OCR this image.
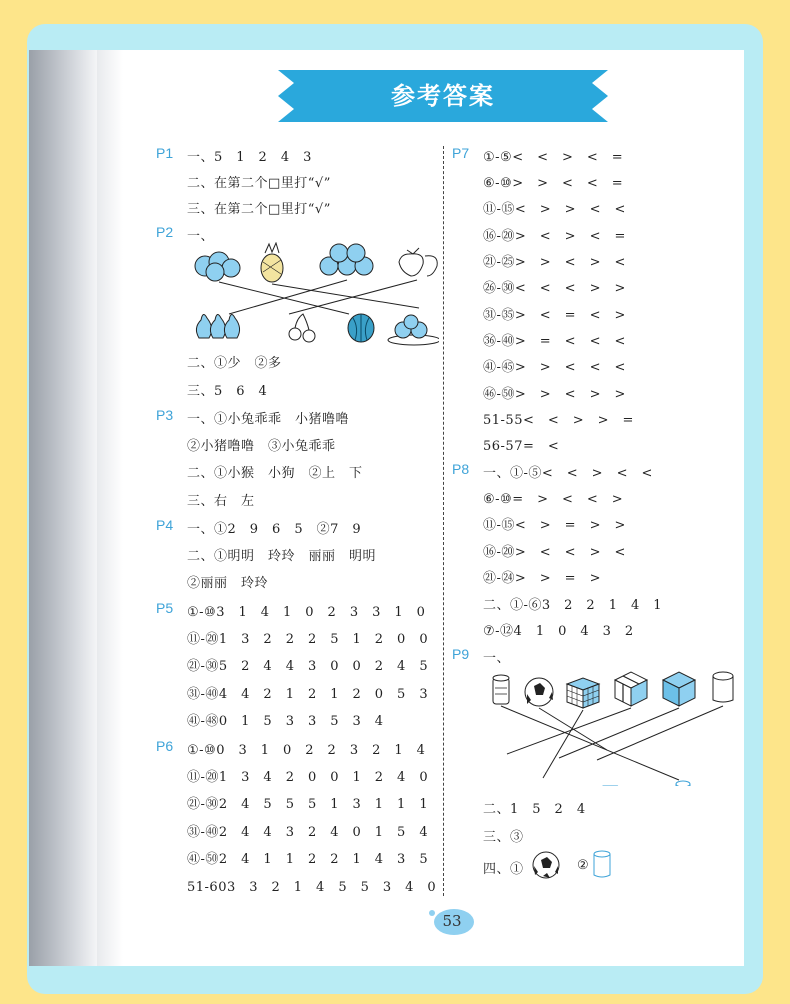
参考答案
P1 一、5　1　2　4　3
二、在第二个□里打“√”
三、在第二个□里打“√”
P2 一、
二、①少　②多
三、5　6　4
P3 一、①小兔乖乖　小猪噜噜
②小猪噜噜　③小兔乖乖
二、①小猴　小狗　②上　下
三、右　左
P4 一、①2　9　6　5　②7　9
二、①明明　玲玲　丽丽　明明
②丽丽　玲玲
P5 ①-⑩3　1　4　1　0　2　3　3　1　0
⑪-⑳1　3　2　2　2　5　1　2　0　0
㉑-㉚5　2　4　4　3　0　0　2　4　5
㉛-㊵4　4　2　1　2　1　2　0　5　3
㊶-㊽0　1　5　3　3　5　3　4
P6 ①-⑩0　3　1　0　2　2　3　2　1　4
⑪-⑳1　3　4　2　0　0　1　2　4　0
㉑-㉚2　4　5　5　5　1　3　1　1　1
㉛-㊵2　4　4　3　2　4　0　1　5　4
㊶-㊿2　4　1　1　2　2　1　4　3　5
51-603　3　2　1　4　5　5　3　4　0
P7 ①-⑤<　<　>　<　=
⑥-⑩>　>　<　<　=
⑪-⑮<　>　>　<　<
⑯-⑳>　<　>　<　=
㉑-㉕>　>　<　>　<
㉖-㉚<　<　<　>　>
㉛-㉟>　<　=　<　>
㊱-㊵>　=　<　<　<
㊶-㊺>　>　<　<　<
㊻-㊿>　>　<　>　>
51-55<　<　>　>　=
56-57=　<
P8 一、①-⑤<　<　>　<　<
⑥-⑩=　>　<　<　>
⑪-⑮<　>　=　>　>
⑯-⑳>　<　<　>　<
㉑-㉔>　>　=　>
二、①-⑥3　2　2　1　4　1
⑦-⑫4　1　0　4　3　2
P9 一、
二、1　5　2　4
三、③
四、①	②
53
